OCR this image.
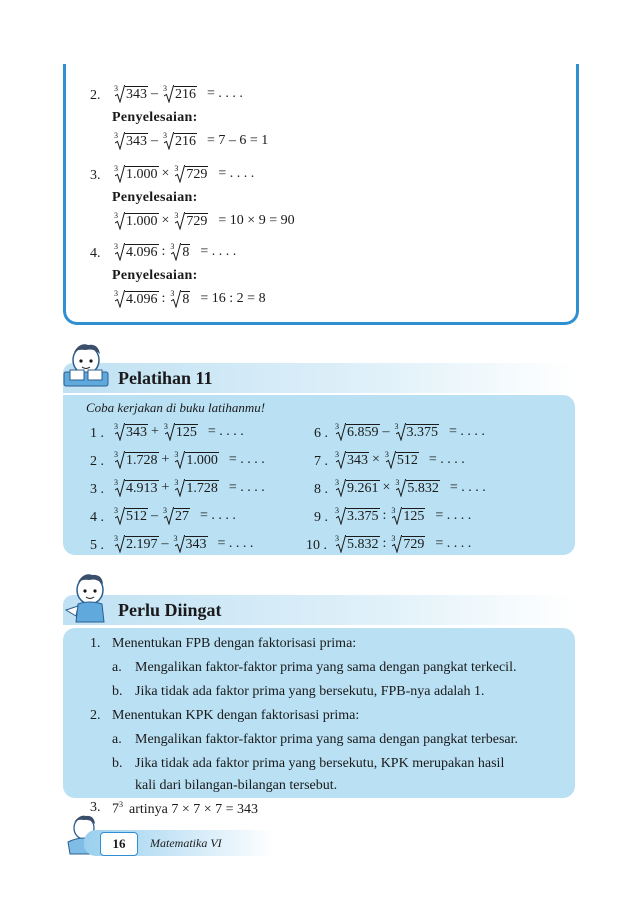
2. 3 343 – 3 216 = . . . .
Penyelesaian:
3 343 – 3 216 = 7 – 6 = 1
3. 3 1.000 × 3 729 = . . . .
Penyelesaian:
3 1.000 × 3 729 = 10 × 9 = 90
4. 3 4.096 : 3 8 = . . . .
Penyelesaian:
3 4.096 : 3 8 = 16 : 2 = 8
Pelatihan 11
Coba kerjakan di buku latihanmu!
1 . 3 343 + 3 125 = . . . .
2 . 3 1.728 + 3 1.000 = . . . .
3 . 3 4.913 + 3 1.728 = . . . .
4 . 3 512 – 3 27 = . . . .
5 . 3 2.197 – 3 343 = . . . .
6 . 3 6.859 – 3 3.375 = . . . .
7 . 3 343 × 3 512 = . . . .
8 . 3 9.261 × 3 5.832 = . . . .
9 . 3 3.375 : 3 125 = . . . .
10 . 3 5.832 : 3 729 = . . . .
Perlu Diingat
1. Menentukan FPB dengan faktorisasi prima:
a. Mengalikan faktor-faktor prima yang sama dengan pangkat terkecil.
b. Jika tidak ada faktor prima yang bersekutu, FPB-nya adalah 1.
2. Menentukan KPK dengan faktorisasi prima:
a. Mengalikan faktor-faktor prima yang sama dengan pangkat terbesar.
b. Jika tidak ada faktor prima yang bersekutu, KPK merupakan hasil
kali dari bilangan-bilangan tersebut.
3. $7^3$ artinya 7 × 7 × 7 = 343
16	Matematika VI
